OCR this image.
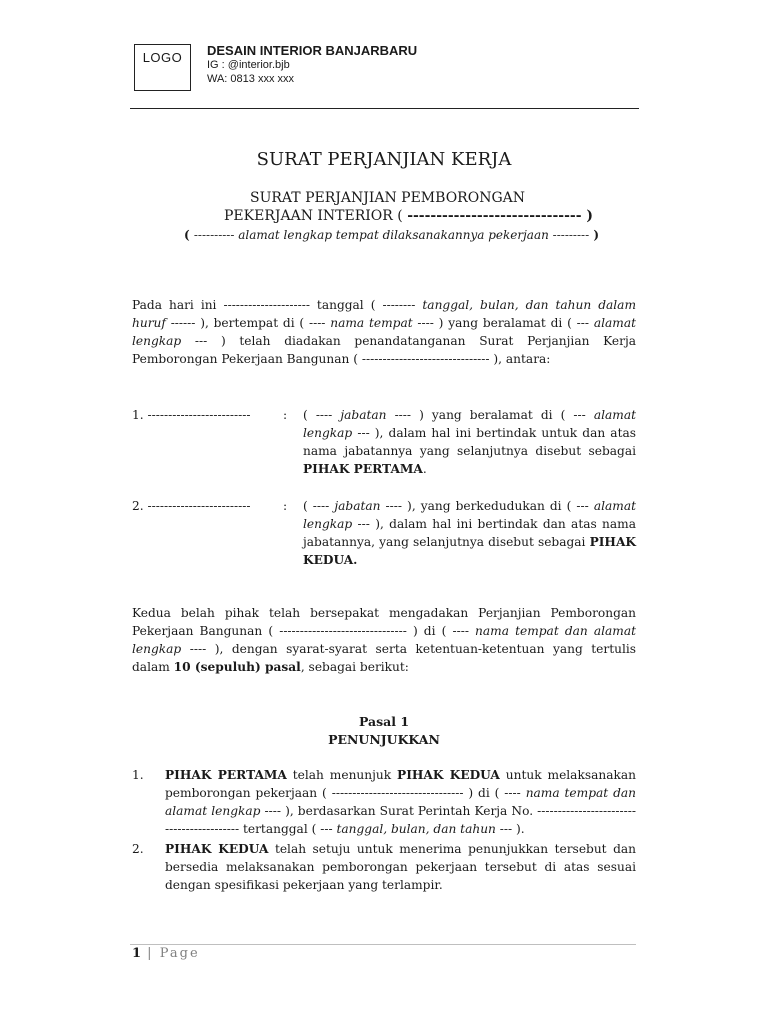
LOGO	DESAIN INTERIOR BANJARBARU
IG : @interior.bjb
WA: 0813 xxx xxx
SURAT PERJANJIAN KERJA
SURAT PERJANJIAN PEMBORONGAN
PEKERJAAN INTERIOR ( ------------------------------ )
( ---------- alamat lengkap tempat dilaksanakannya pekerjaan --------- )
Pada hari ini --------------------- tanggal ( -------- tanggal, bulan, dan tahun dalam huruf ------ ), bertempat di ( ---- nama tempat ---- ) yang beralamat di ( --- alamat lengkap --- ) telah diadakan penandatanganan Surat Perjanjian Kerja Pemborongan Pekerjaan Bangunan ( ------------------------------- ), antara:
1. -------------------------	: ( ---- jabatan ---- ) yang beralamat di ( --- alamat lengkap --- ), dalam hal ini bertindak untuk dan atas nama jabatannya yang selanjutnya disebut sebagai PIHAK PERTAMA.
2. -------------------------	: ( ---- jabatan ---- ), yang berkedudukan di ( --- alamat lengkap --- ), dalam hal ini bertindak dan atas nama jabatannya, yang selanjutnya disebut sebagai PIHAK KEDUA.
Kedua belah pihak telah bersepakat mengadakan Perjanjian Pemborongan Pekerjaan Bangunan ( ------------------------------- ) di ( ---- nama tempat dan alamat lengkap ---- ), dengan syarat-syarat serta ketentuan-ketentuan yang tertulis dalam 10 (sepuluh) pasal, sebagai berikut:
Pasal 1
PENUNJUKKAN
1. PIHAK PERTAMA telah menunjuk PIHAK KEDUA untuk melaksanakan pemborongan pekerjaan ( -------------------------------- ) di ( ---- nama tempat dan alamat lengkap ---- ), berdasarkan Surat Perintah Kerja No. ------------------------------------------ tertanggal ( --- tanggal, bulan, dan tahun --- ).
2. PIHAK KEDUA telah setuju untuk menerima penunjukkan tersebut dan bersedia melaksanakan pemborongan pekerjaan tersebut di atas sesuai dengan spesifikasi pekerjaan yang terlampir.
1 | Page
